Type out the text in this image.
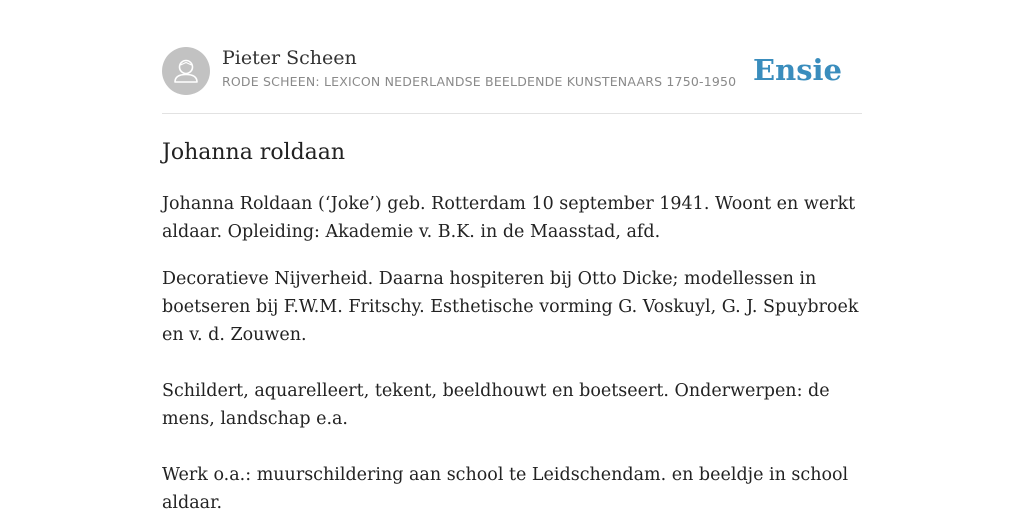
Pieter Scheen
RODE SCHEEN: LEXICON NEDERLANDSE BEELDENDE KUNSTENAARS 1750-1950 Ensie
Johanna roldaan

Johanna Roldaan (‘Joke’) geb. Rotterdam 10 september 1941. Woont en werkt aldaar. Opleiding: Akademie v. B.K. in de Maasstad, afd.

Decoratieve Nijverheid. Daarna hospiteren bij Otto Dicke; modellessen in boetseren bij F.W.M. Fritschy. Esthetische vorming G. Voskuyl, G. J. Spuybroek en v. d. Zouwen.

Schildert, aquarelleert, tekent, beeldhouwt en boetseert. Onderwerpen: de mens, landschap e.a.

Werk o.a.: muurschildering aan school te Leidschendam. en beeldje in school aldaar.
